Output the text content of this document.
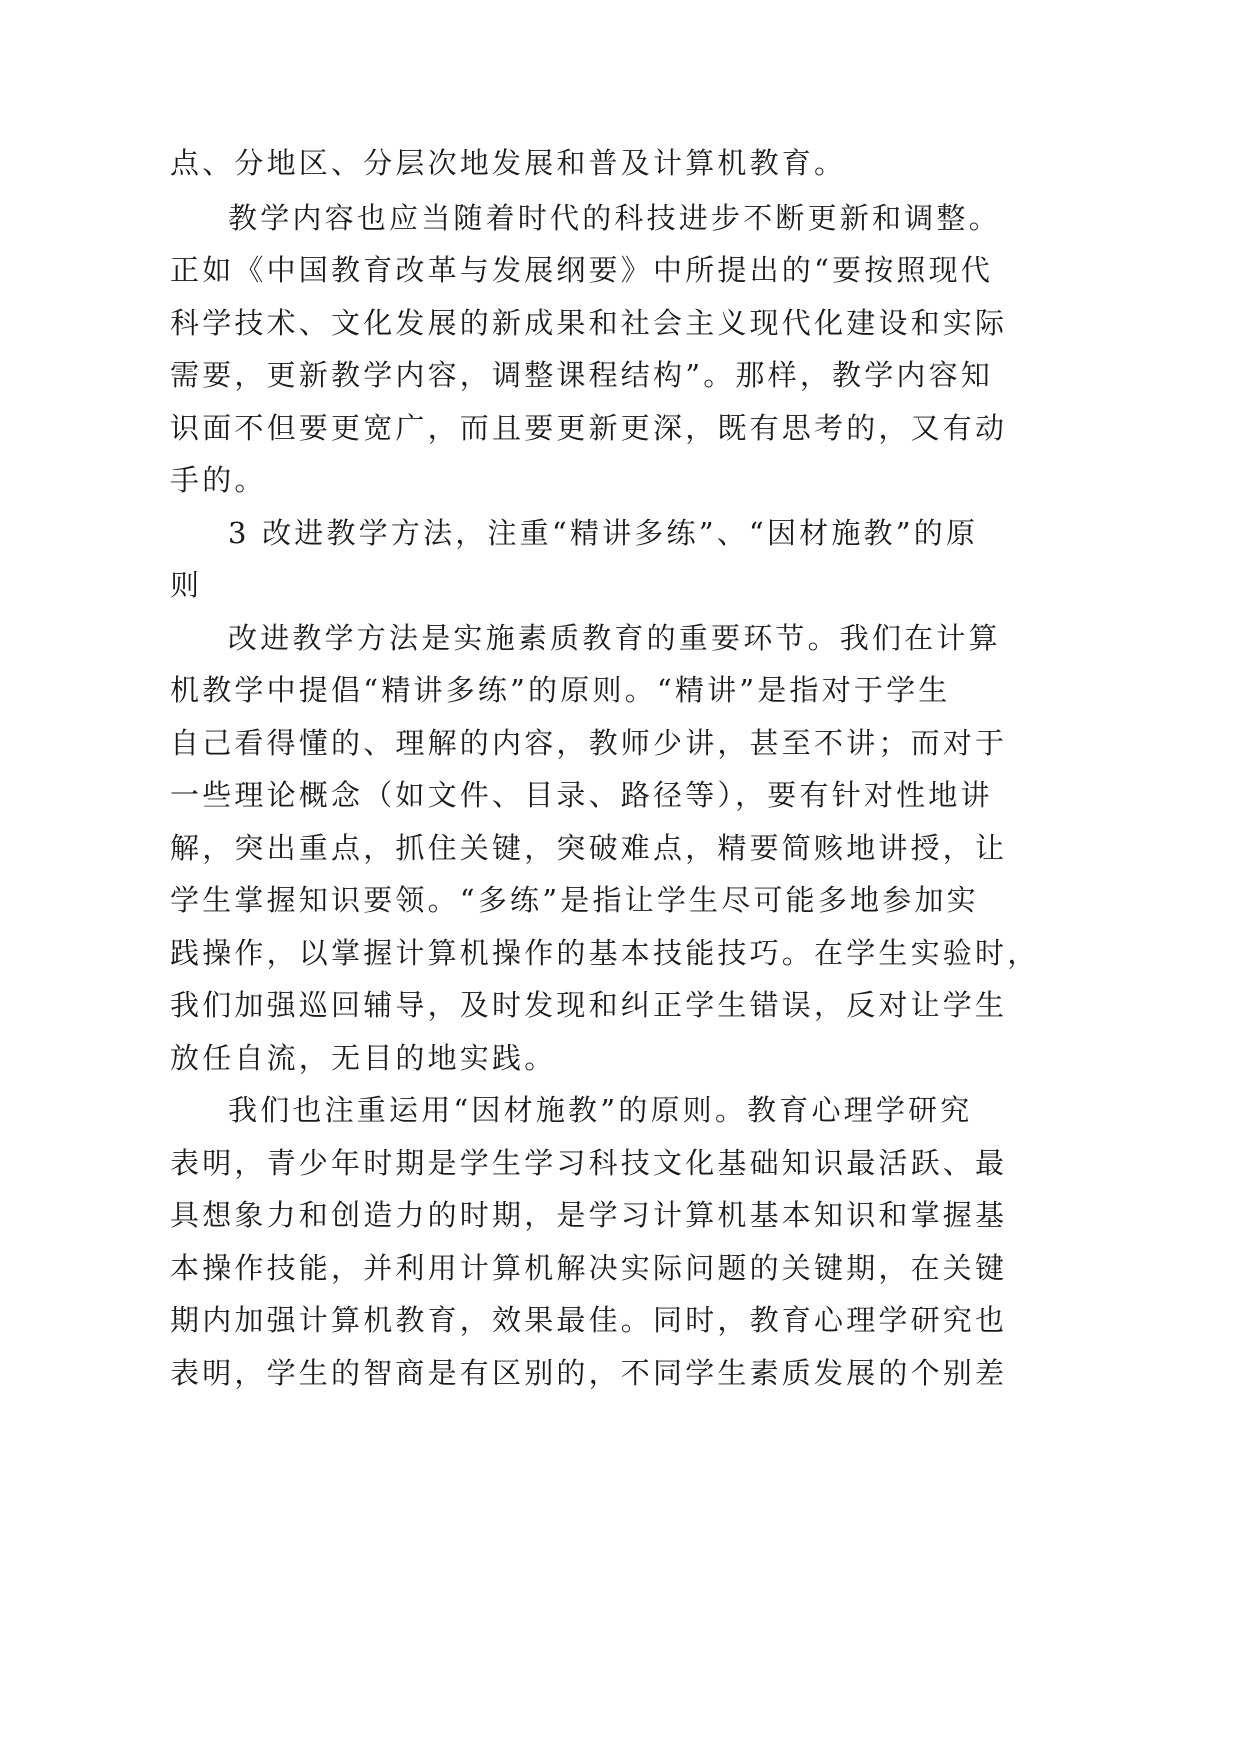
点、分地区、分层次地发展和普及计算机教育。
教学内容也应当随着时代的科技进步不断更新和调整。
正如《中国教育改革与发展纲要》中所提出的“要按照现代
科学技术、文化发展的新成果和社会主义现代化建设和实际
需要，更新教学内容，调整课程结构”。那样，教学内容知
识面不但要更宽广，而且要更新更深，既有思考的，又有动
手的。
3 改进教学方法，注重“精讲多练”、“因材施教”的原
则
改进教学方法是实施素质教育的重要环节。我们在计算
机教学中提倡“精讲多练”的原则。“精讲”是指对于学生
自己看得懂的、理解的内容，教师少讲，甚至不讲；而对于
一些理论概念（如文件、目录、路径等），要有针对性地讲
解，突出重点，抓住关键，突破难点，精要简赅地讲授，让
学生掌握知识要领。“多练”是指让学生尽可能多地参加实
践操作，以掌握计算机操作的基本技能技巧。在学生实验时，
我们加强巡回辅导，及时发现和纠正学生错误，反对让学生
放任自流，无目的地实践。
我们也注重运用“因材施教”的原则。教育心理学研究
表明，青少年时期是学生学习科技文化基础知识最活跃、最
具想象力和创造力的时期，是学习计算机基本知识和掌握基
本操作技能，并利用计算机解决实际问题的关键期，在关键
期内加强计算机教育，效果最佳。同时，教育心理学研究也
表明，学生的智商是有区别的，不同学生素质发展的个别差
